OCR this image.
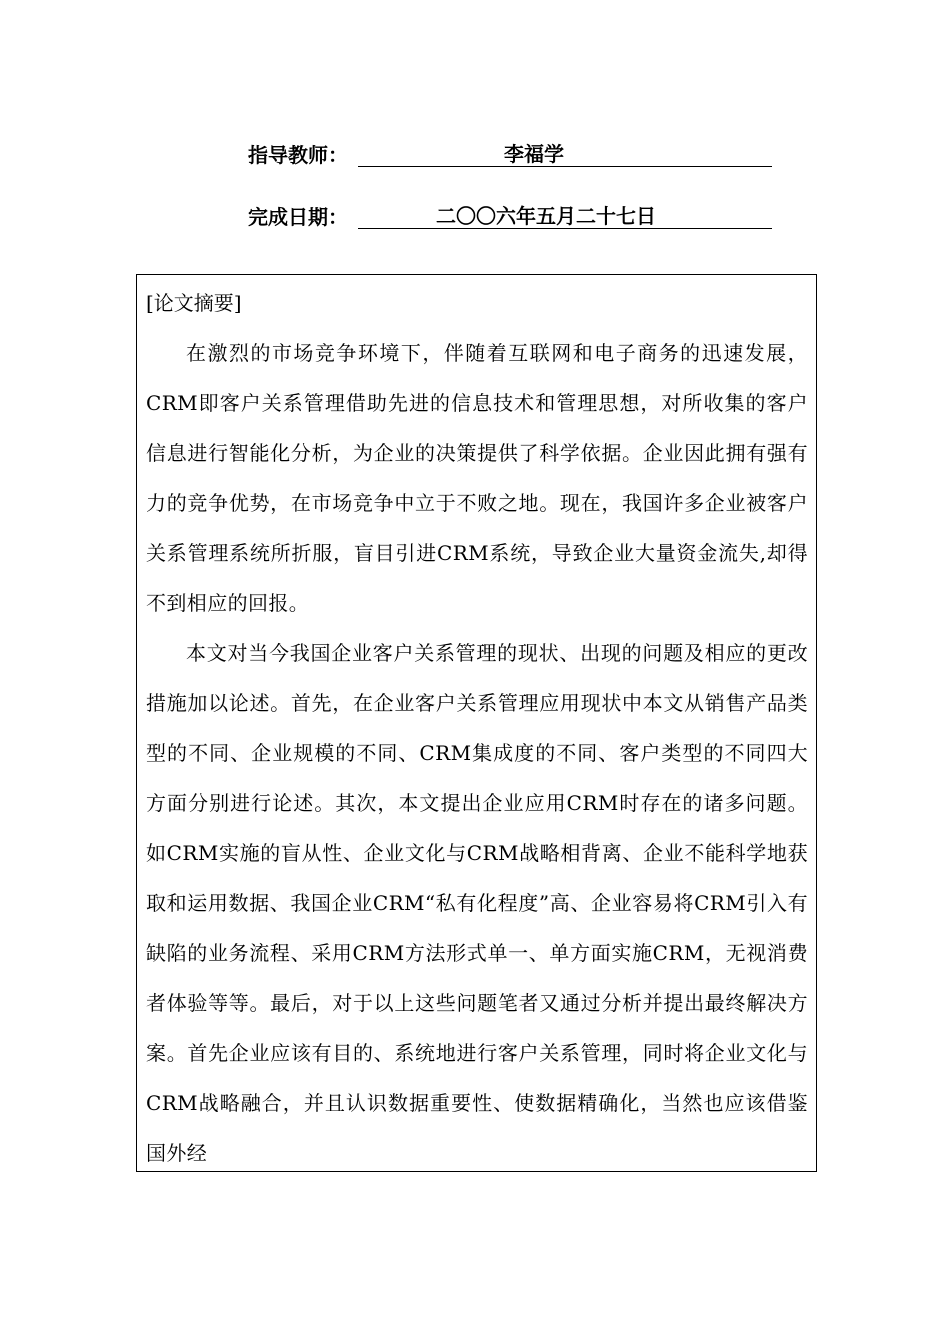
指导教师：	李福学
完成日期：	二〇〇六年五月二十七日
[论文摘要]

在激烈的市场竞争环境下，伴随着互联网和电子商务的迅速发展，CRM即客户关系管理借助先进的信息技术和管理思想，对所收集的客户信息进行智能化分析，为企业的决策提供了科学依据。企业因此拥有强有力的竞争优势，在市场竞争中立于不败之地。现在，我国许多企业被客户关系管理系统所折服，盲目引进CRM系统，导致企业大量资金流失,却得不到相应的回报。

本文对当今我国企业客户关系管理的现状、出现的问题及相应的更改措施加以论述。首先，在企业客户关系管理应用现状中本文从销售产品类型的不同、企业规模的不同、CRM集成度的不同、客户类型的不同四大方面分别进行论述。其次，本文提出企业应用CRM时存在的诸多问题。如CRM实施的盲从性、企业文化与CRM战略相背离、企业不能科学地获取和运用数据、我国企业CRM“私有化程度”高、企业容易将CRM引入有缺陷的业务流程、采用CRM方法形式单一、单方面实施CRM，无视消费者体验等等。最后，对于以上这些问题笔者又通过分析并提出最终解决方案。首先企业应该有目的、系统地进行客户关系管理，同时将企业文化与CRM战略融合，并且认识数据重要性、使数据精确化，当然也应该借鉴国外经
